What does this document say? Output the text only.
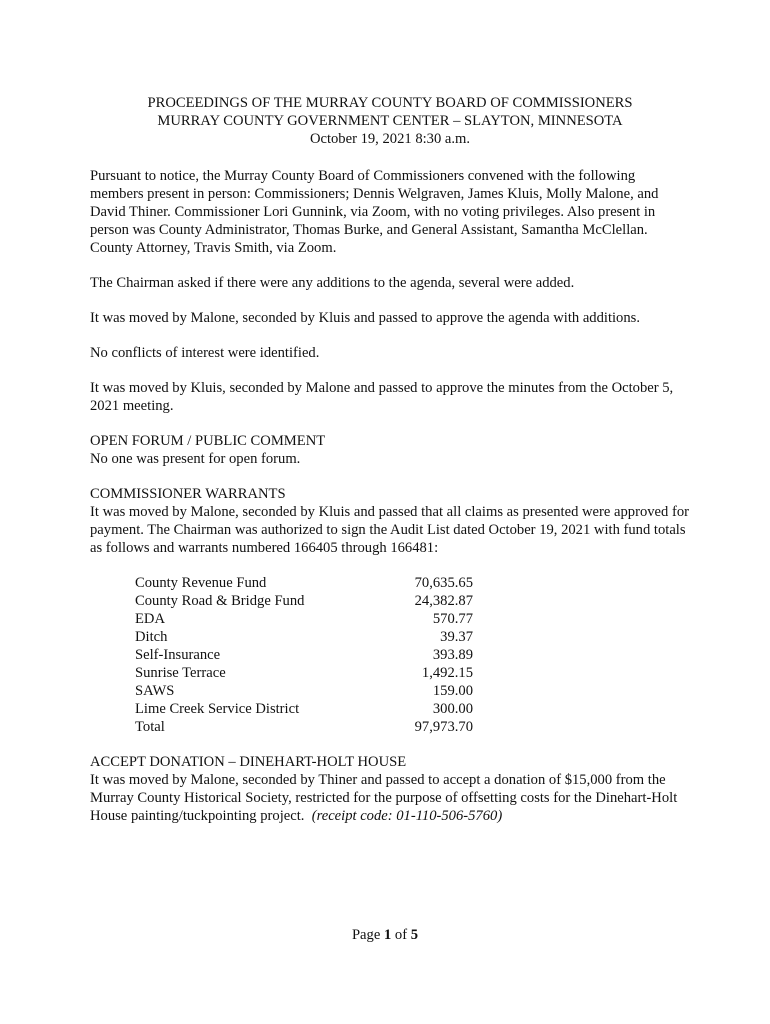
PROCEEDINGS OF THE MURRAY COUNTY BOARD OF COMMISSIONERS
MURRAY COUNTY GOVERNMENT CENTER – SLAYTON, MINNESOTA
October 19, 2021 8:30 a.m.

Pursuant to notice, the Murray County Board of Commissioners convened with the following members present in person: Commissioners; Dennis Welgraven, James Kluis, Molly Malone, and David Thiner. Commissioner Lori Gunnink, via Zoom, with no voting privileges. Also present in person was County Administrator, Thomas Burke, and General Assistant, Samantha McClellan. County Attorney, Travis Smith, via Zoom.

The Chairman asked if there were any additions to the agenda, several were added.

It was moved by Malone, seconded by Kluis and passed to approve the agenda with additions.

No conflicts of interest were identified.

It was moved by Kluis, seconded by Malone and passed to approve the minutes from the October 5, 2021 meeting.

OPEN FORUM / PUBLIC COMMENT
No one was present for open forum.
COMMISSIONER WARRANTS

It was moved by Malone, seconded by Kluis and passed that all claims as presented were approved for payment. The Chairman was authorized to sign the Audit List dated October 19, 2021 with fund totals as follows and warrants numbered 166405 through 166481:

County Revenue Fund	70,635.65
County Road & Bridge Fund	24,382.87
EDA	570.77
Ditch	39.37
Self-Insurance	393.89
Sunrise Terrace	1,492.15
SAWS	159.00
Lime Creek Service District	300.00
Total	97,973.70
ACCEPT DONATION – DINEHART-HOLT HOUSE
It was moved by Malone, seconded by Thiner and passed to accept a donation of $15,000 from the Murray County Historical Society, restricted for the purpose of offsetting costs for the Dinehart-Holt House painting/tuckpointing project. (receipt code: 01-110-506-5760)
Page 1 of 5
